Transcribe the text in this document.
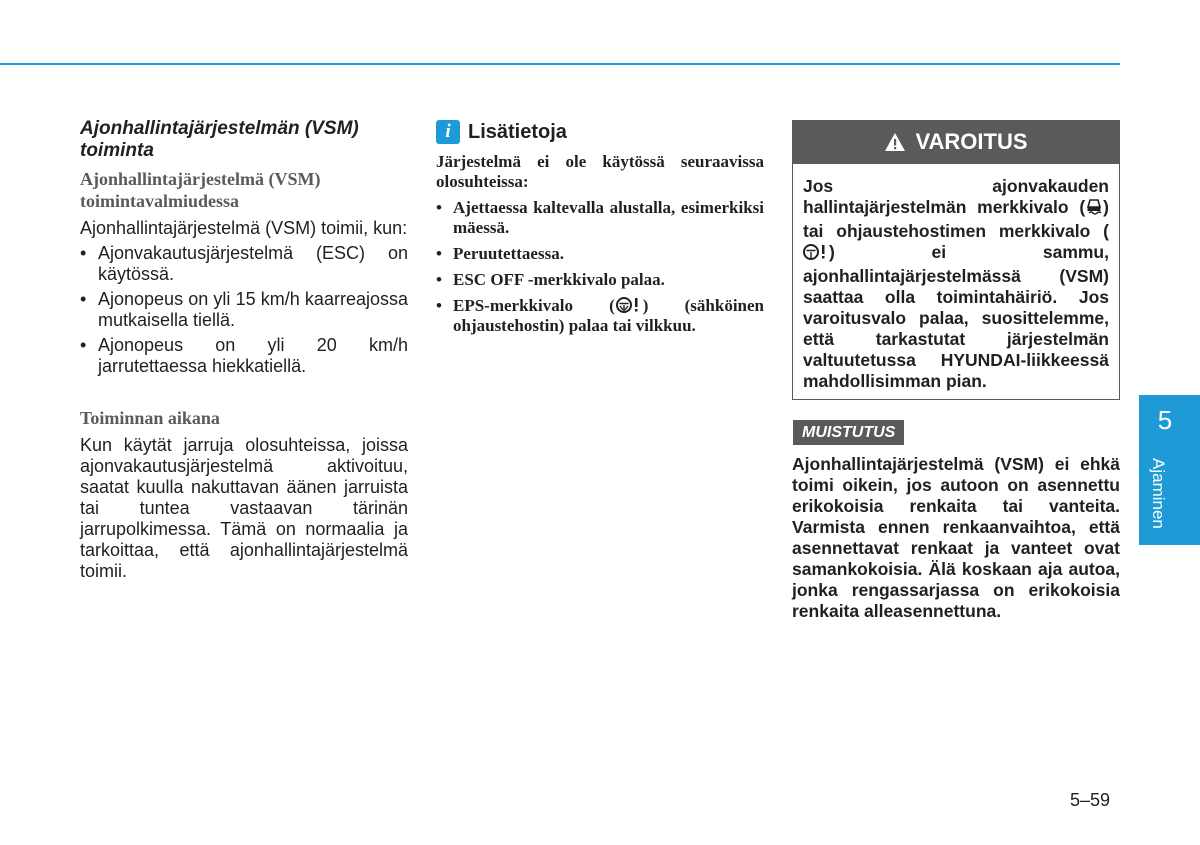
Ajonhallintajärjestelmän (VSM) toiminta
Ajonhallintajärjestelmä (VSM) toimintavalmiudessa

Ajonhallintajärjestelmä (VSM) toimii, kun:

• Ajonvakautusjärjestelmä (ESC) on käytössä.
• Ajonopeus on yli 15 km/h kaarreajossa mutkaisella tiellä.
• Ajonopeus on yli 20 km/h jarrutettaessa hiekkatiellä.
Toiminnan aikana

Kun käytät jarruja olosuhteissa, joissa ajonvakautusjärjestelmä aktivoituu, saatat kuulla nakuttavan äänen jarruista tai tuntea vastaavan tärinän jarrupolkimessa. Tämä on normaalia ja tarkoittaa, että ajonhallintajärjestelmä toimii.

i Lisätietoja
Järjestelmä ei ole käytössä seuraavissa olosuhteissa:
• Ajettaessa kaltevalla alustalla, esimerkiksi mäessä.
• Peruutettaessa.
• ESC OFF -merkkivalo palaa.
• EPS-merkkivalo ( ) (sähköinen ohjaustehostin) palaa tai vilkkuu.
VAROITUS
Jos ajonvakauden hallintajärjestelmän merkkivalo ( ) tai ohjaustehostimen merkkivalo () ei sammu, ajonhallintajärjestelmässä (VSM) saattaa olla toimintahäiriö. Jos varoitusvalo palaa, suosittelemme, että tarkastutat järjestelmän valtuutetussa HYUNDAI-liikkeessä mahdollisimman pian.
MUISTUTUS
Ajonhallintajärjestelmä (VSM) ei ehkä toimi oikein, jos autoon on asennettu erikokoisia renkaita tai vanteita. Varmista ennen renkaanvaihtoa, että asennettavat renkaat ja vanteet ovat samankokoisia. Älä koskaan aja autoa, jonka rengassarjassa on erikokoisia renkaita alleasennettuna.
5
Ajaminen
5–59
